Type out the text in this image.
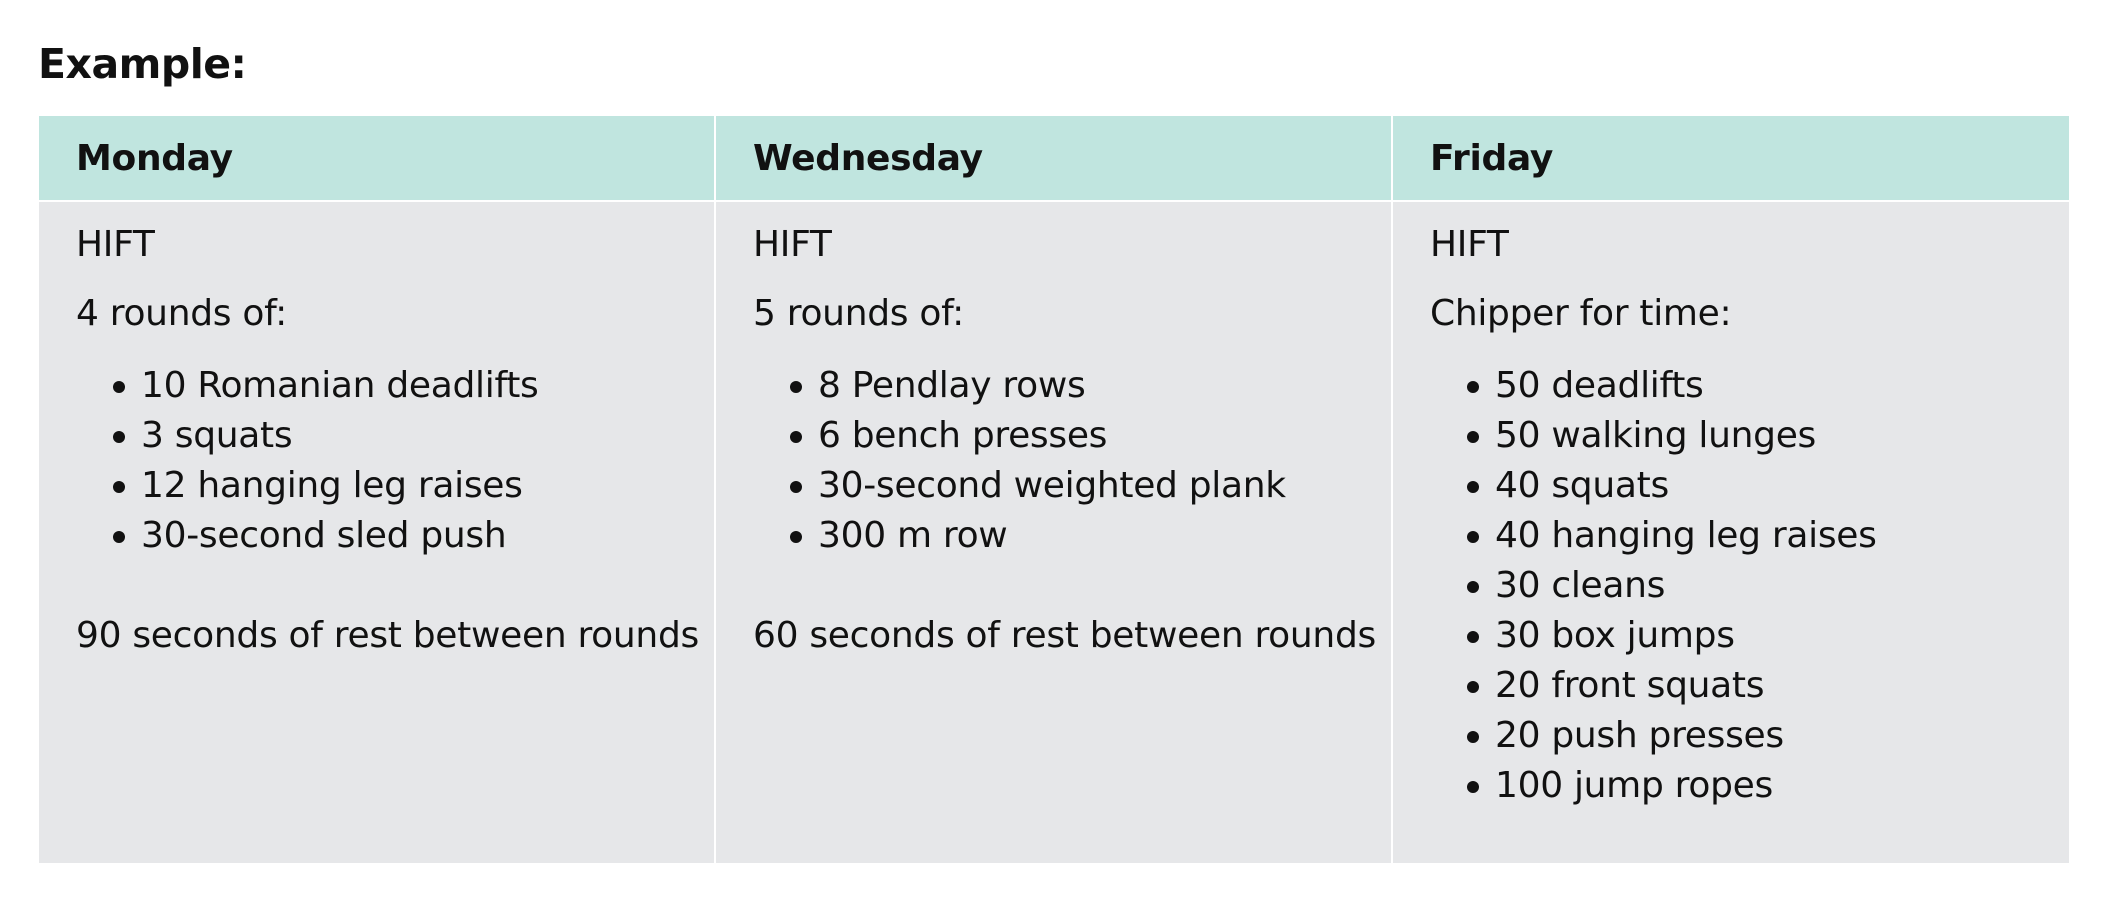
Example:
Monday
HIFT
4 rounds of:
10 Romanian deadlifts
3 squats
12 hanging leg raises
30-second sled push
90 seconds of rest between rounds
Wednesday
HIFT
5 rounds of:
8 Pendlay rows
6 bench presses
30-second weighted plank
300 m row
60 seconds of rest between rounds
Friday
HIFT
Chipper for time:
50 deadlifts
50 walking lunges
40 squats
40 hanging leg raises
30 cleans
30 box jumps
20 front squats
20 push presses
100 jump ropes
